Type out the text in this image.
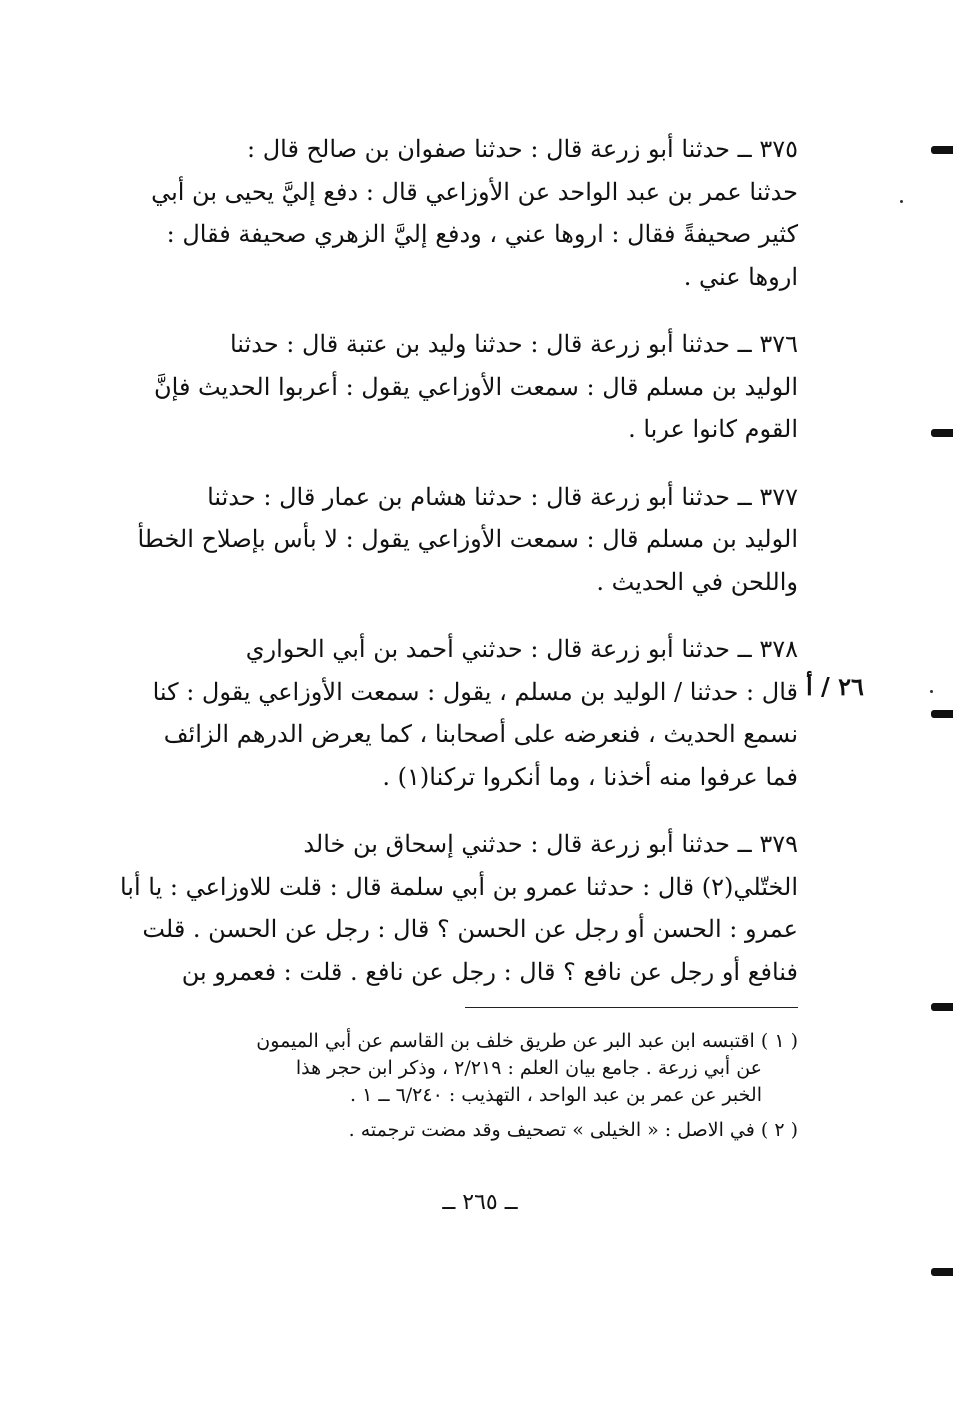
٣٧٥ ــ حدثنا أبو زرعة قال : حدثنا صفوان بن صالح قال :
حدثنا عمر بن عبد الواحد عن الأوزاعي قال : دفع إليَّ يحيى بن أبي
كثير صحيفةً فقال : اروها عني ، ودفع إليَّ الزهري صحيفة فقال :
اروها عني .
٣٧٦ ــ حدثنا أبو زرعة قال : حدثنا وليد بن عتبة قال : حدثنا
الوليد بن مسلم قال : سمعت الأوزاعي يقول : أعربوا الحديث فإنَّ
القوم كانوا عربا .
٣٧٧ ــ حدثنا أبو زرعة قال : حدثنا هشام بن عمار قال : حدثنا
الوليد بن مسلم قال : سمعت الأوزاعي يقول : لا بأس بإصلاح الخطأ
واللحن في الحديث .
٣٧٨ ــ حدثنا أبو زرعة قال : حدثني أحمد بن أبي الحواري
قال : حدثنا / الوليد بن مسلم ، يقول : سمعت الأوزاعي يقول : كنا
نسمع الحديث ، فنعرضه على أصحابنا ، كما يعرض الدرهم الزائف
فما عرفوا منه أخذنا ، وما أنكروا تركنا(١) .
٣٧٩ ــ حدثنا أبو زرعة قال : حدثني إسحاق بن خالد
الختّلي(٢) قال : حدثنا عمرو بن أبي سلمة قال : قلت للاوزاعي : يا أبا
عمرو : الحسن أو رجل عن الحسن ؟ قال : رجل عن الحسن . قلت
فنافع أو رجل عن نافع ؟ قال : رجل عن نافع . قلت : فعمرو بن
٢٦ / أ
( ١ ) اقتبسه ابن عبد البر عن طريق خلف بن القاسم عن أبي الميمون
عن أبي زرعة . جامع بيان العلم : ٢/٢١٩ ، وذكر ابن حجر هذا
الخبر عن عمر بن عبد الواحد ، التهذيب : ٦/٢٤٠ ــ ١ .
( ٢ ) في الاصل : « الخيلى » تصحيف وقد مضت ترجمته .
ــ ٢٦٥ ــ
